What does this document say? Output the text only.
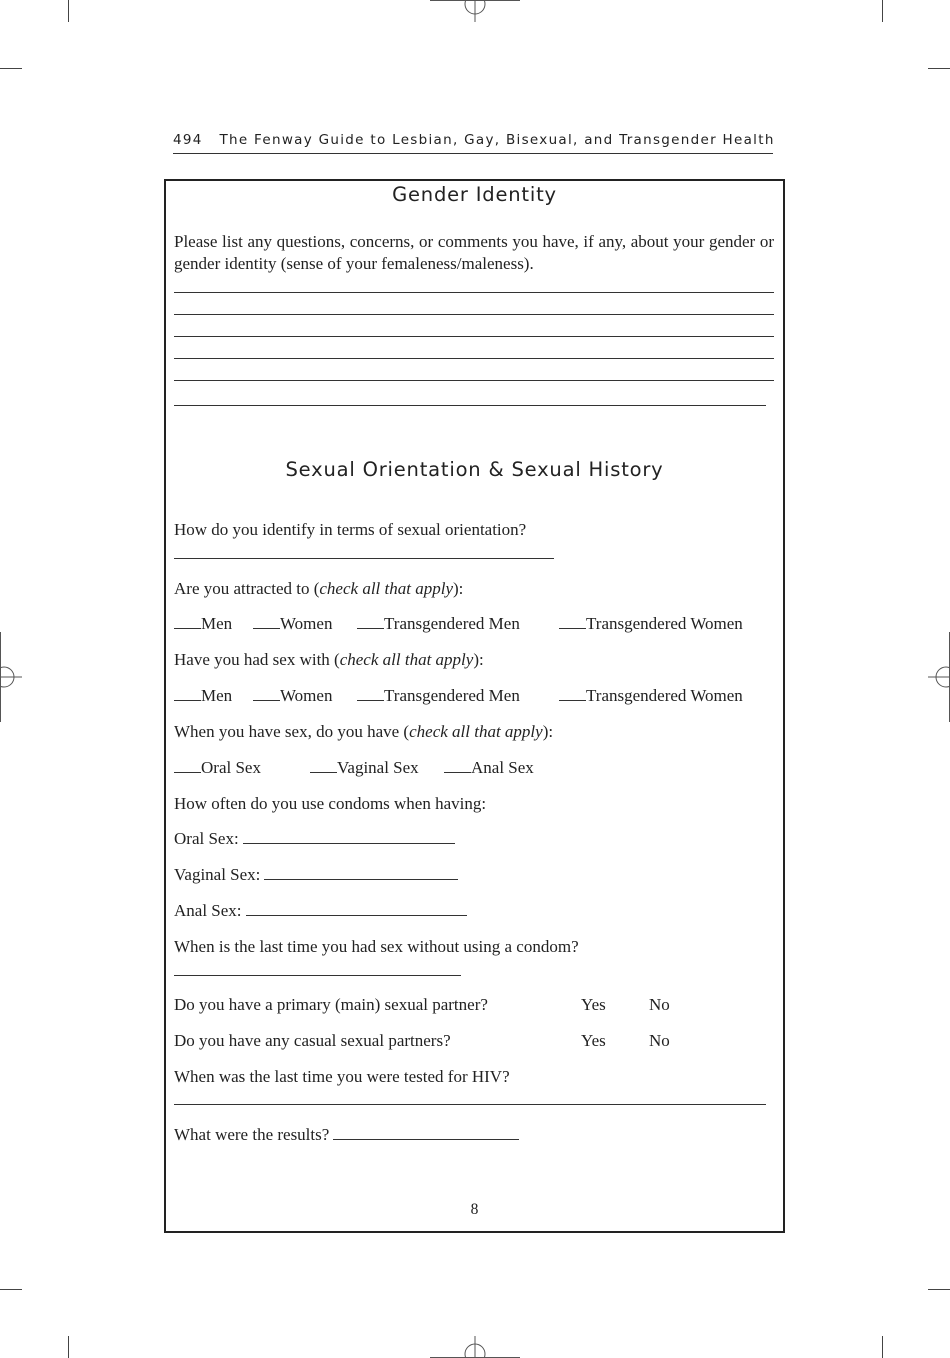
494 The Fenway Guide to Lesbian, Gay, Bisexual, and Transgender Health
Gender Identity
Please list any questions, concerns, or comments you have, if any, about your gender or gender identity (sense of your femaleness/maleness).
Sexual Orientation & Sexual History
How do you identify in terms of sexual orientation?
Are you attracted to (check all that apply):
Men	Women	Transgendered Men	Transgendered Women
Have you had sex with (check all that apply):
Men	Women	Transgendered Men	Transgendered Women
When you have sex, do you have (check all that apply):
Oral Sex	Vaginal Sex	Anal Sex
How often do you use condoms when having:
Oral Sex:
Vaginal Sex:
Anal Sex:
When is the last time you had sex without using a condom?
Do you have a primary (main) sexual partner?	Yes	No
Do you have any casual sexual partners?	Yes	No
When was the last time you were tested for HIV?
What were the results?
8
